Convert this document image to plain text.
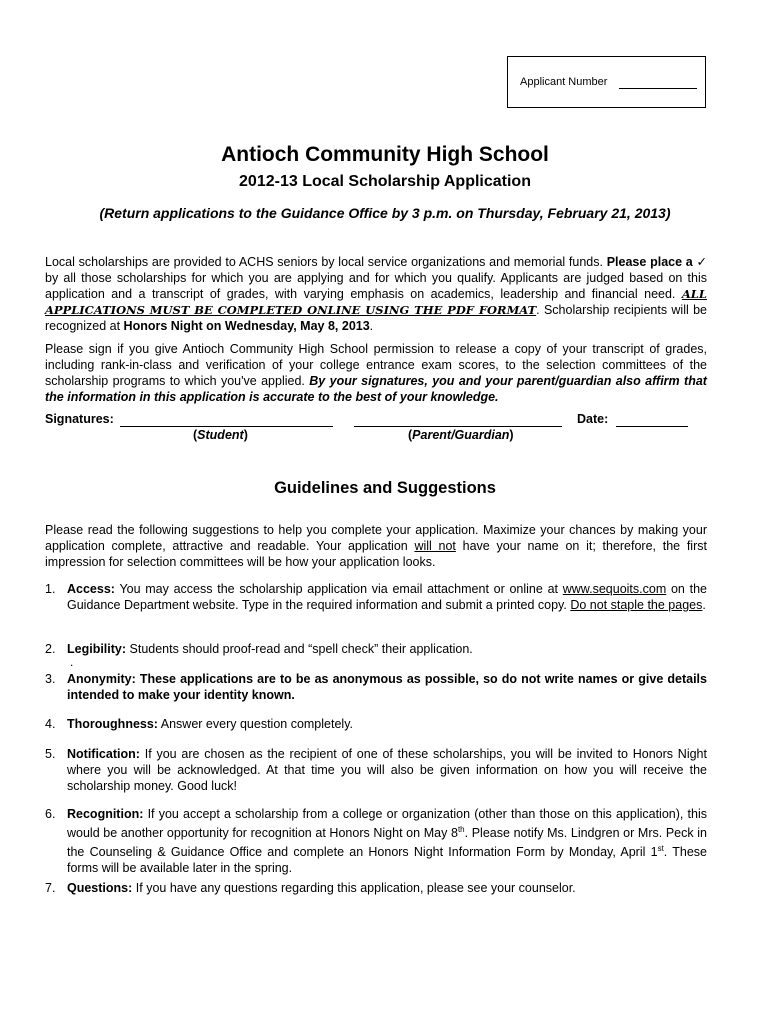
Applicant Number
Antioch Community High School
2012-13 Local Scholarship Application
(Return applications to the Guidance Office by 3 p.m. on Thursday, February 21, 2013)
Local scholarships are provided to ACHS seniors by local service organizations and memorial funds. Please place a ✓ by all those scholarships for which you are applying and for which you qualify. Applicants are judged based on this application and a transcript of grades, with varying emphasis on academics, leadership and financial need. ALL APPLICATIONS MUST BE COMPLETED ONLINE USING THE PDF FORMAT. Scholarship recipients will be recognized at Honors Night on Wednesday, May 8, 2013.
Please sign if you give Antioch Community High School permission to release a copy of your transcript of grades, including rank-in-class and verification of your college entrance exam scores, to the selection committees of the scholarship programs to which you've applied. By your signatures, you and your parent/guardian also affirm that the information in this application is accurate to the best of your knowledge.
Signatures:	Date:
(Student)	(Parent/Guardian)
Guidelines and Suggestions
Please read the following suggestions to help you complete your application. Maximize your chances by making your application complete, attractive and readable. Your application will not have your name on it; therefore, the first impression for selection committees will be how your application looks.
1. Access: You may access the scholarship application via email attachment or online at www.sequoits.com on the Guidance Department website. Type in the required information and submit a printed copy. Do not staple the pages.
2. Legibility: Students should proof-read and “spell check” their application.
.
3. Anonymity: These applications are to be as anonymous as possible, so do not write names or give details intended to make your identity known.
4. Thoroughness: Answer every question completely.
5. Notification: If you are chosen as the recipient of one of these scholarships, you will be invited to Honors Night where you will be acknowledged. At that time you will also be given information on how you will receive the scholarship money. Good luck!
6. Recognition: If you accept a scholarship from a college or organization (other than those on this application), this would be another opportunity for recognition at Honors Night on May 8th. Please notify Ms. Lindgren or Mrs. Peck in the Counseling & Guidance Office and complete an Honors Night Information Form by Monday, April 1st. These forms will be available later in the spring.
7. Questions: If you have any questions regarding this application, please see your counselor.
